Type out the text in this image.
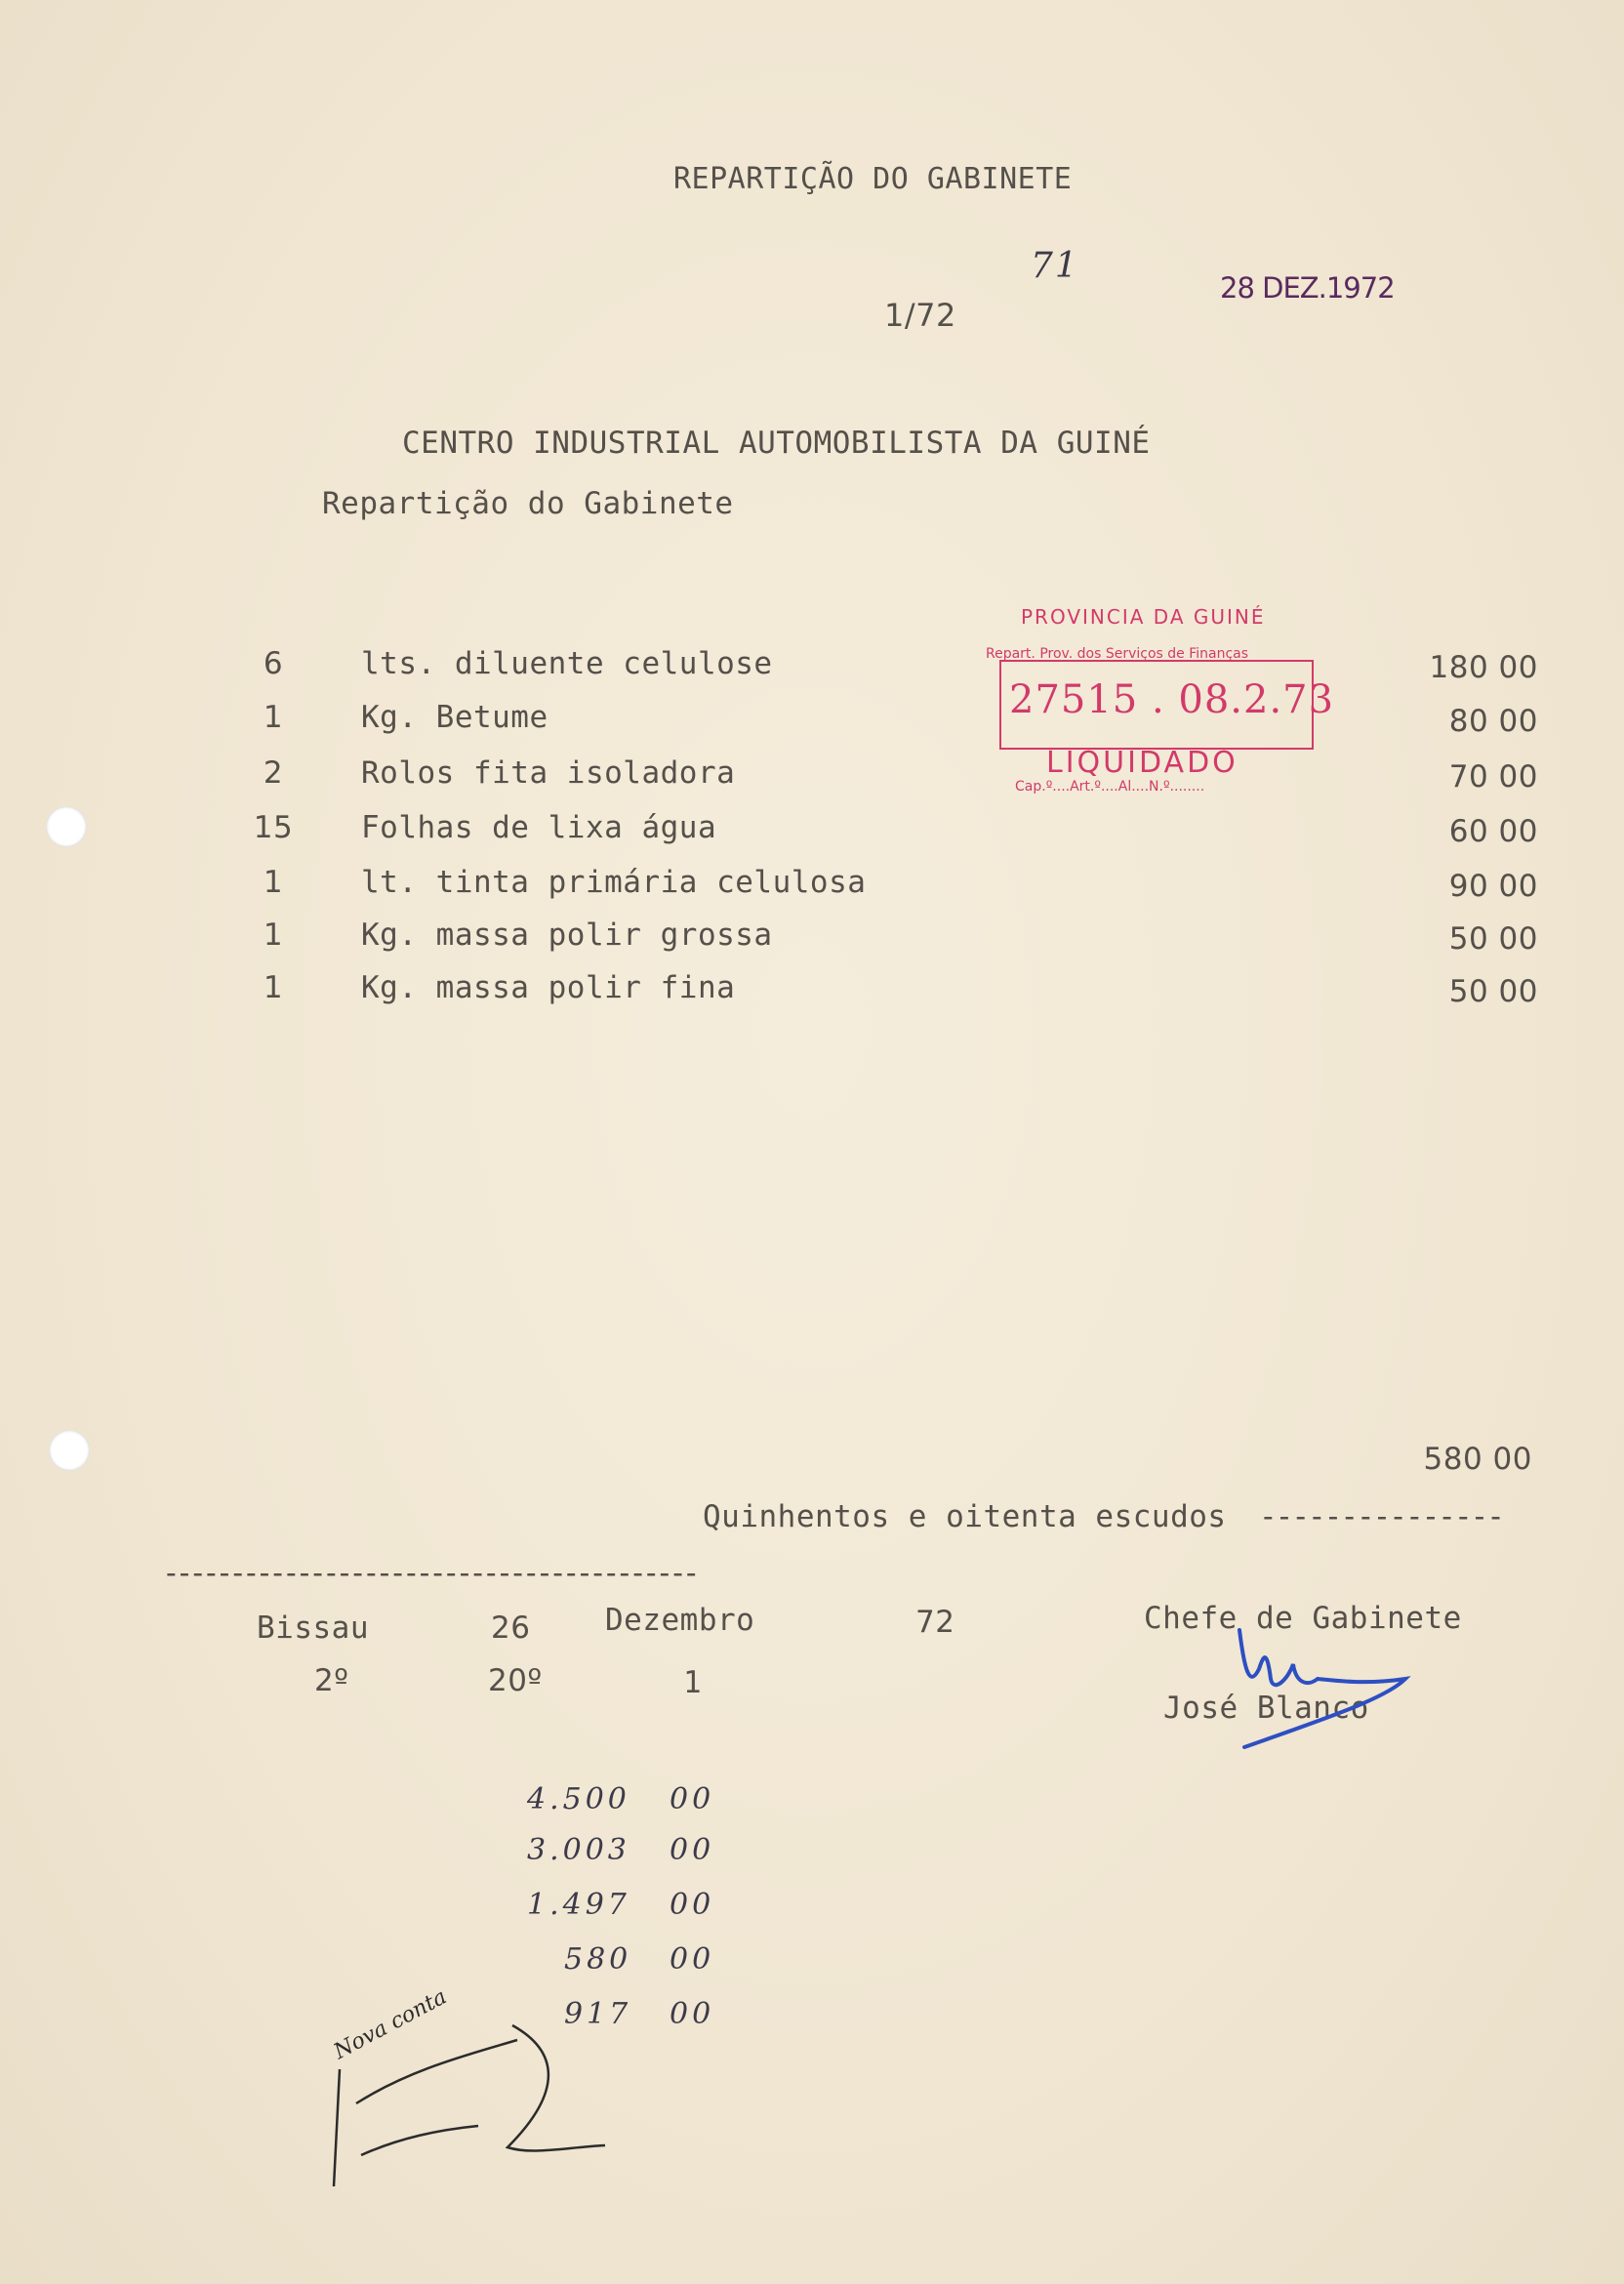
REPARTIÇÃO DO GABINETE
71
28 DEZ.1972
1/72
CENTRO INDUSTRIAL AUTOMOBILISTA DA GUINÉ
Repartição do Gabinete
PROVINCIA DA GUINÉ
Repart. Prov. dos Serviços de Finanças
27515 . 08.2.73
LIQUIDADO
Cap.º....Art.º....Al....N.º........
6	lts. diluente celulose	180 00
1	Kg. Betume	80 00
2	Rolos fita isoladora	70 00
15	Folhas de lixa água	60 00
1	lt. tinta primária celulosa	90 00
1	Kg. massa polir grossa	50 00
1	Kg. massa polir fina	50 00
580 00
Quinhentos e oitenta escudos ---------------
----------------------------------------
Bissau	26 Dezembro	72
2º	20º	1
Chefe de Gabinete
José Blanco
4.500 00
3.003 00
1.497 00
580 00
917 00
Nova conta
